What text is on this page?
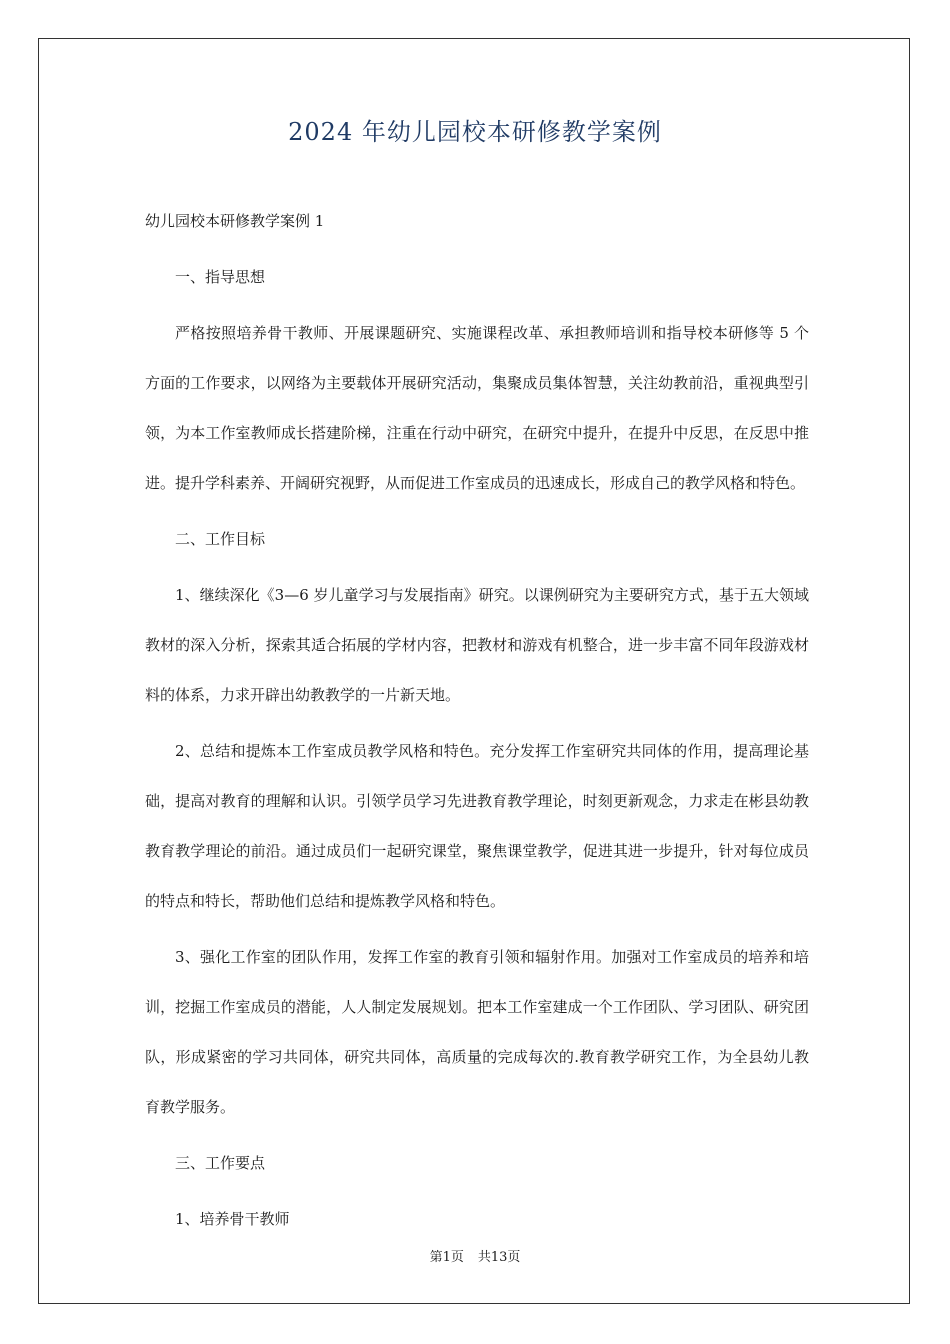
2024 年幼儿园校本研修教学案例

幼儿园校本研修教学案例 1

一、指导思想

严格按照培养骨干教师、开展课题研究、实施课程改革、承担教师培训和指导校本研修等 5 个方面的工作要求，以网络为主要载体开展研究活动，集聚成员集体智慧，关注幼教前沿，重视典型引领，为本工作室教师成长搭建阶梯，注重在行动中研究，在研究中提升，在提升中反思，在反思中推进。提升学科素养、开阔研究视野，从而促进工作室成员的迅速成长，形成自己的教学风格和特色。

二、工作目标

1、继续深化《3—6 岁儿童学习与发展指南》研究。以课例研究为主要研究方式，基于五大领域教材的深入分析，探索其适合拓展的学材内容，把教材和游戏有机整合，进一步丰富不同年段游戏材料的体系，力求开辟出幼教教学的一片新天地。

2、总结和提炼本工作室成员教学风格和特色。充分发挥工作室研究共同体的作用，提高理论基础，提高对教育的理解和认识。引领学员学习先进教育教学理论，时刻更新观念，力求走在彬县幼教教育教学理论的前沿。通过成员们一起研究课堂，聚焦课堂教学，促进其进一步提升，针对每位成员的特点和特长，帮助他们总结和提炼教学风格和特色。

3、强化工作室的团队作用，发挥工作室的教育引领和辐射作用。加强对工作室成员的培养和培训，挖掘工作室成员的潜能，人人制定发展规划。把本工作室建成一个工作团队、学习团队、研究团队，形成紧密的学习共同体，研究共同体，高质量的完成每次的.教育教学研究工作，为全县幼儿教育教学服务。

三、工作要点

1、培养骨干教师

第1页 共13页
